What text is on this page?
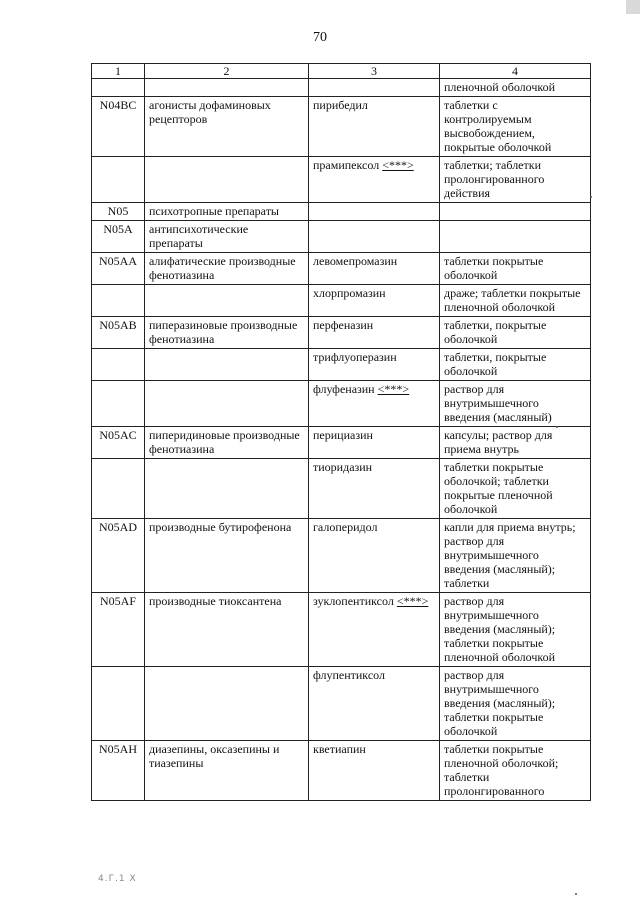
70
1	2	3	4
			пленочной оболочкой
N04BC	агонисты дофаминовых рецепторов	пирибедил	таблетки с контролируемым высвобождением, покрытые оболочкой
		прамипексол <***>	таблетки; таблетки пролонгированного действия
N05	психотропные препараты		
N05A	антипсихотические препараты		
N05AA	алифатические производные фенотиазина	левомепромазин	таблетки покрытые оболочкой
		хлорпромазин	драже; таблетки покрытые пленочной оболочкой
N05AB	пиперазиновые производные фенотиазина	перфеназин	таблетки, покрытые оболочкой
		трифлуоперазин	таблетки, покрытые оболочкой
		флуфеназин <***>	раствор для внутримышечного введения (масляный)
N05AC	пиперидиновые производные фенотиазина	перициазин	капсулы; раствор для приема внутрь
		тиоридазин	таблетки покрытые оболочкой; таблетки покрытые пленочной оболочкой
N05AD	производные бутирофенона	галоперидол	капли для приема внутрь; раствор для внутримышечного введения (масляный); таблетки
N05AF	производные тиоксантена	зуклопентиксол <***>	раствор для внутримышечного введения (масляный); таблетки покрытые пленочной оболочкой
		флупентиксол	раствор для внутримышечного введения (масляный); таблетки покрытые оболочкой
N05AH	диазепины, оксазепины и тиазепины	кветиапин	таблетки покрытые пленочной оболочкой; таблетки пролонгированного
4.Г.1 Х
